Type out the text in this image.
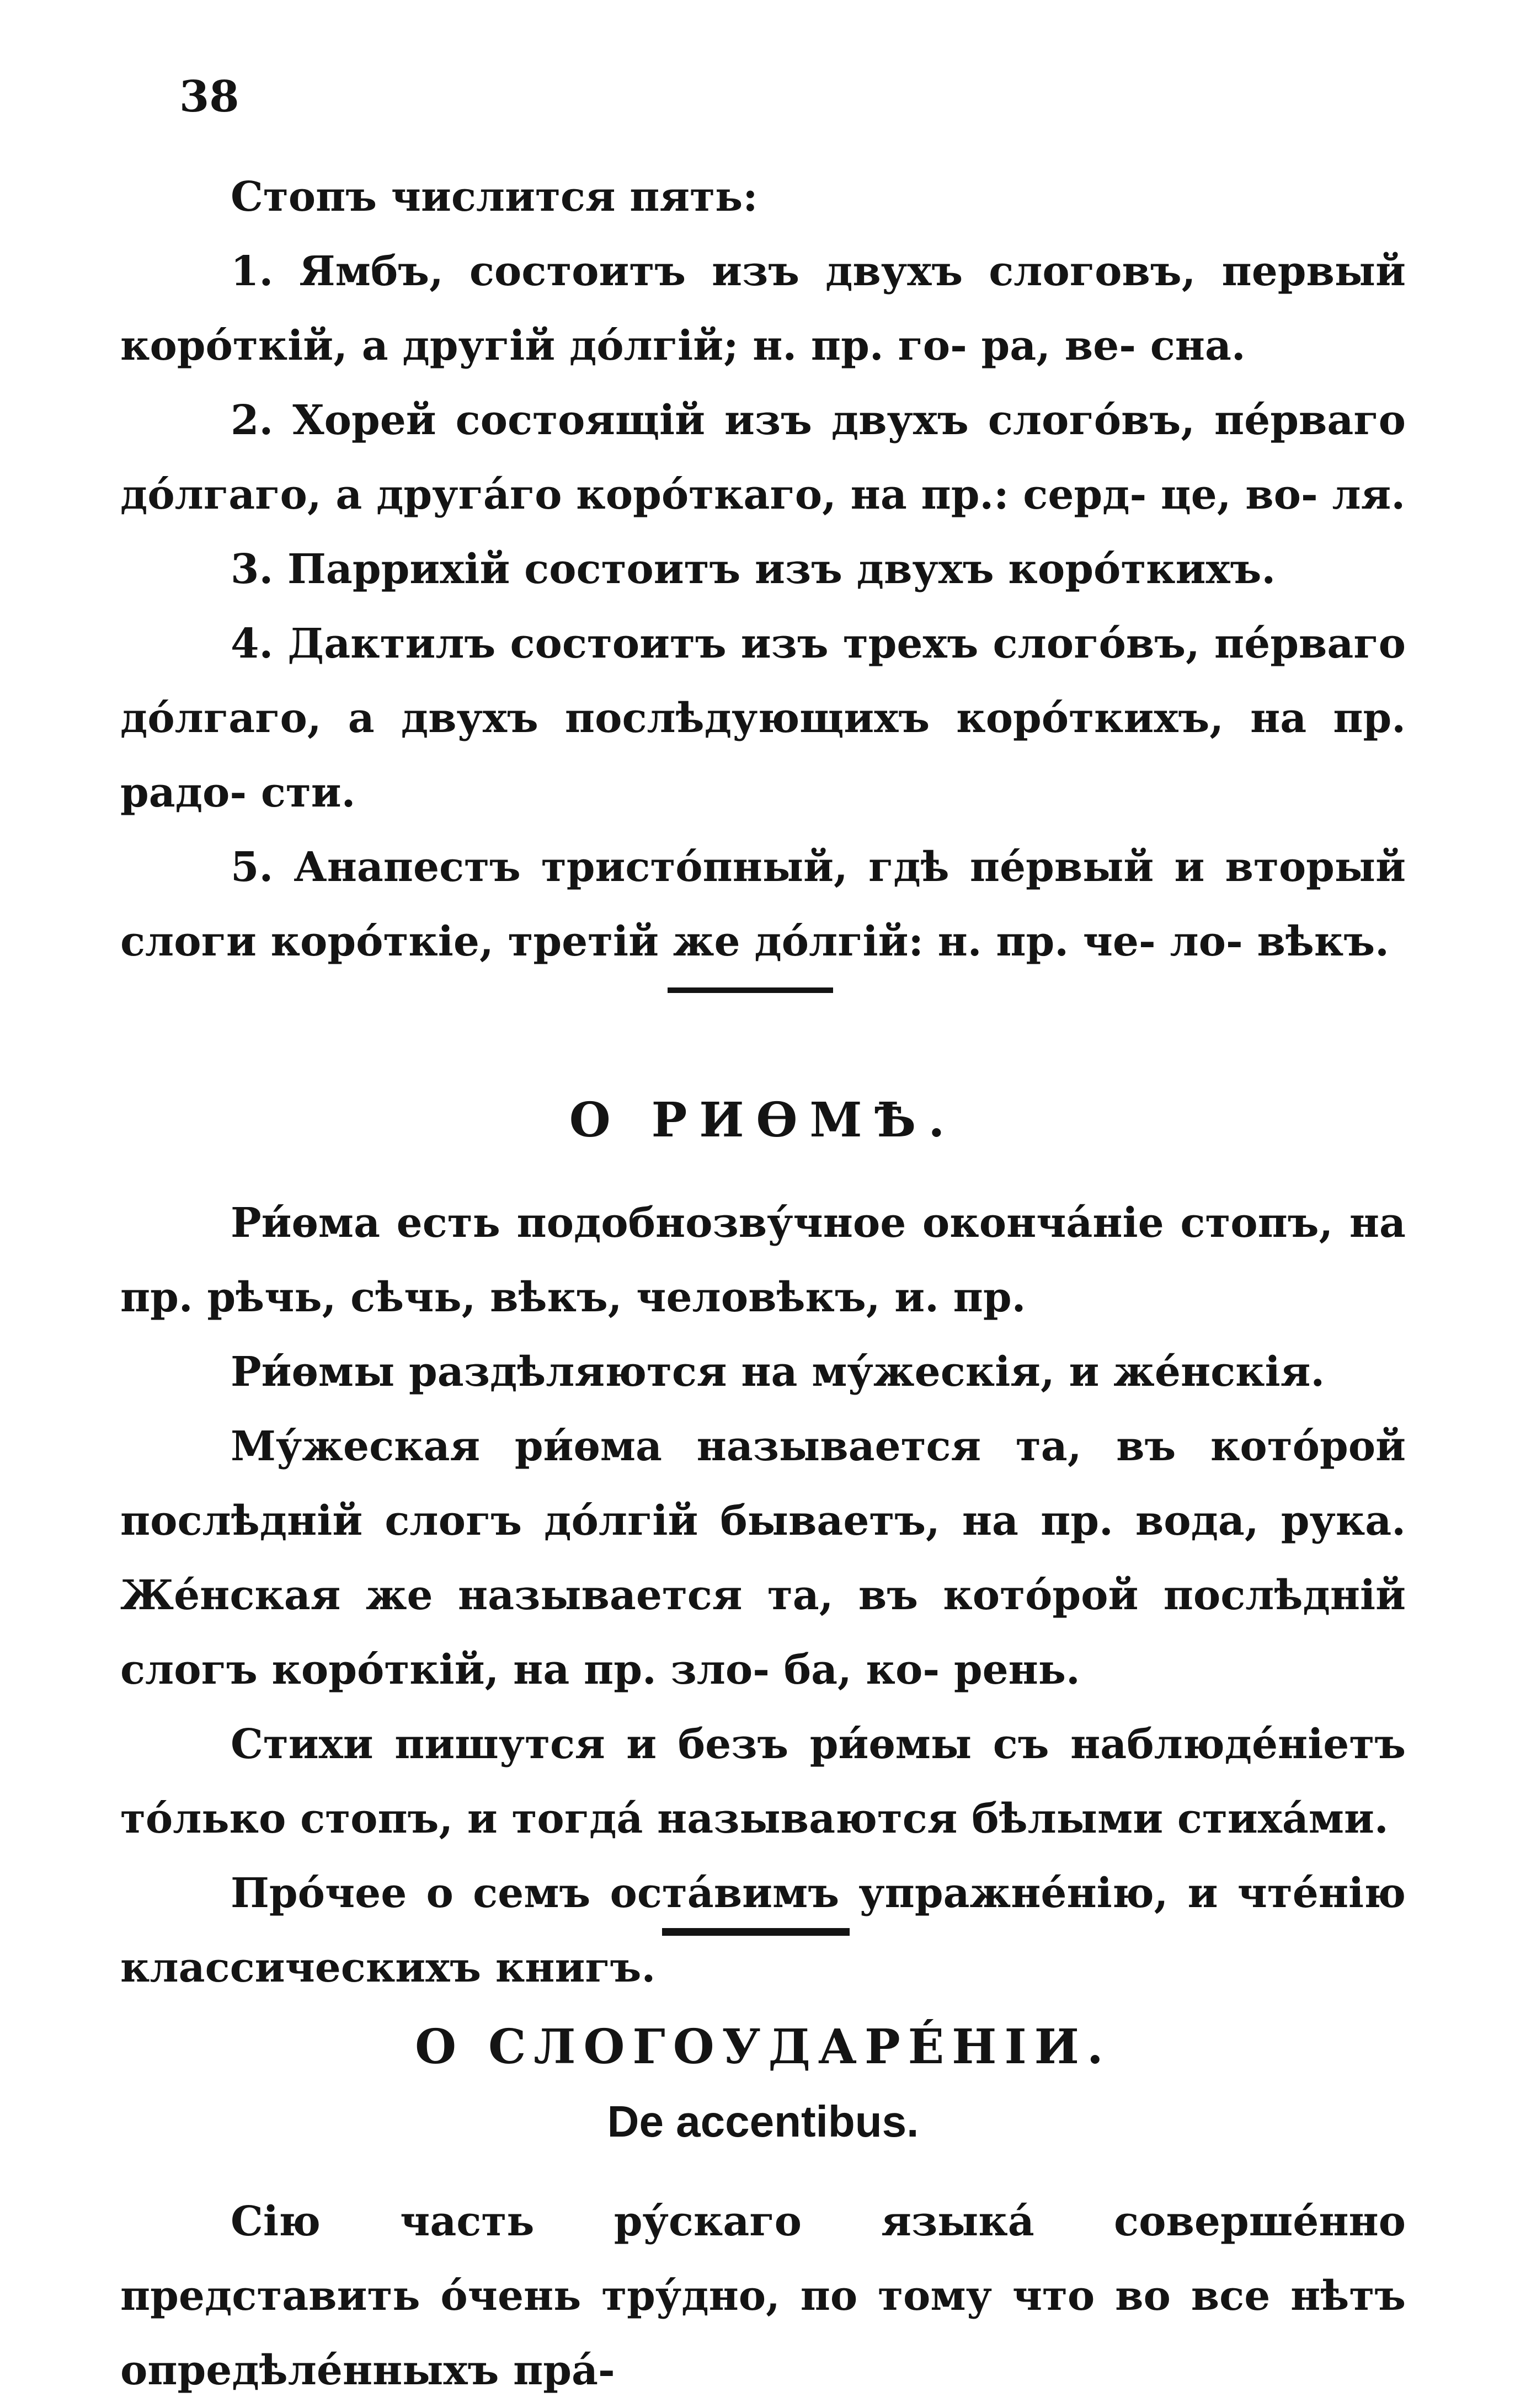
38

Стопъ числится пять:

1. Ямбъ, состоитъ изъ двухъ слоговъ, первый коро́ткій, а другій до́лгій; н. пр. го- ра, ве- сна.

2. Хорей состоящій изъ двухъ слогóвъ, пéрваго до́лгаго, а другáго коро́ткаго, на пр.: серд- це, во- ля.

3. Паррихій состоитъ изъ двухъ коро́ткихъ.

4. Дактилъ состоитъ изъ трехъ слогóвъ, пéрваго до́лгаго, а двухъ послѣдующихъ коро́ткихъ, на пр. радо- сти.

5. Анапестъ тристо́пный, гдѣ пéрвый и вторый слоги коро́ткіе, третій же до́лгій: н. пр. че- ло- вѣкъ.

О РИѲМѢ.

Ри́ѳма есть подобнозву́чное окончáніе стопъ, на пр. рѣчь, сѣчь, вѣкъ, человѣкъ, и. пр.

Ри́ѳмы раздѣляются на му́жескія, и жéнскія.

Му́жеская ри́ѳма называется та, въ кото́рой послѣдній слогъ до́лгій бываетъ, на пр. вода, рука. Жéнская же называется та, въ кото́рой послѣдній слогъ коро́ткій, на пр. зло- ба, ко- рень.

Стихи пишутся и безъ ри́ѳмы съ наблюдéніетъ то́лько стопъ, и тогдá называются бѣлыми стихáми.

Про́чее о семъ остáвимъ упражнéнію, и чтéнію классическихъ книгъ.

О СЛОГОУДАРÉНІИ.
De accentibus.

Сію часть ру́скаго языкá совершéнно представить о́чень тру́дно, по тому что во все нѣтъ опредѣлéнныхъ прá-
